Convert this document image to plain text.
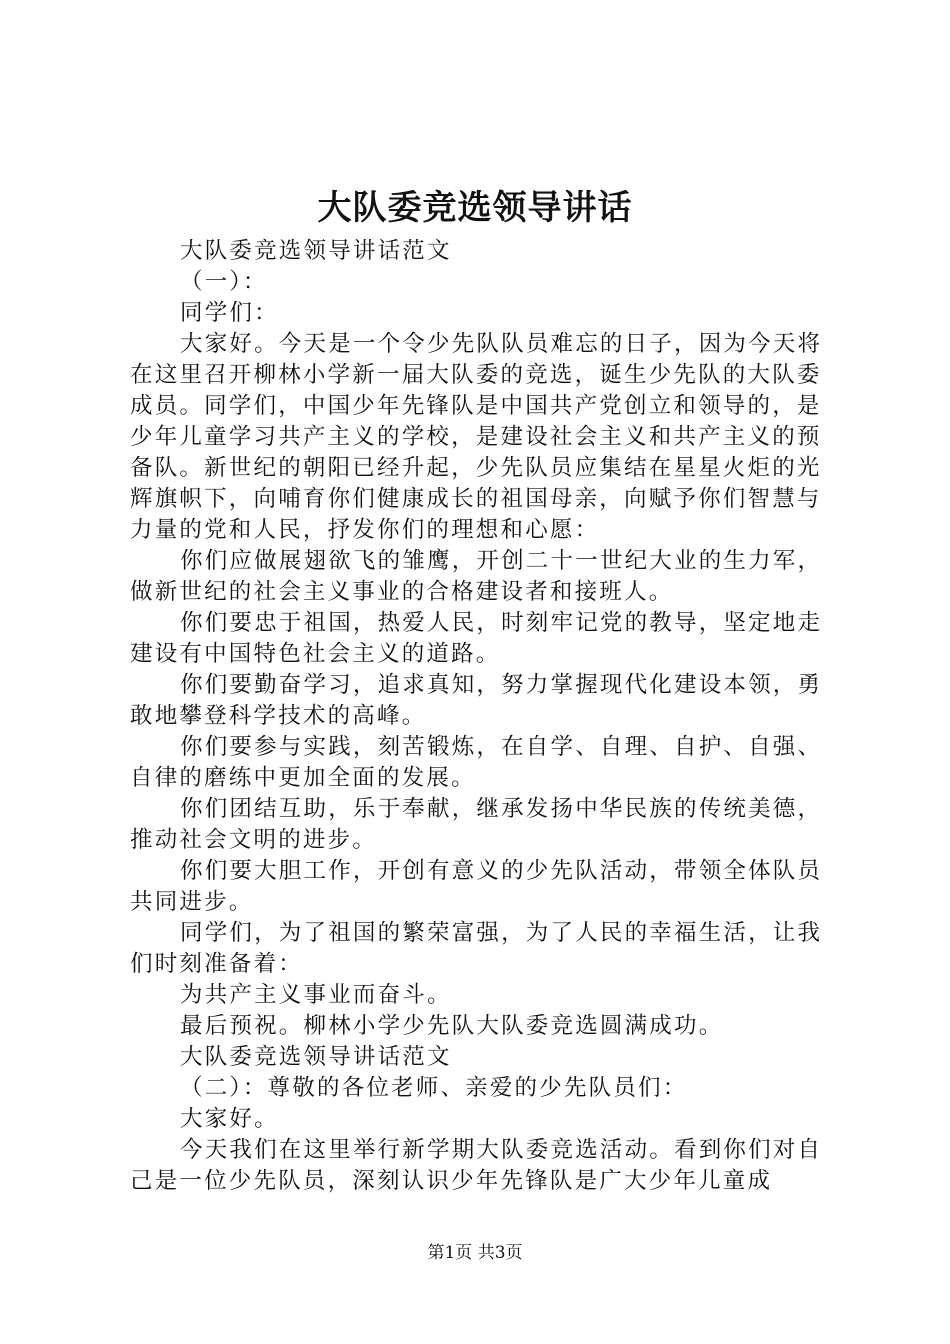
大队委竞选领导讲话

大队委竞选领导讲话范文

（一）：

同学们：

大家好。今天是一个令少先队队员难忘的日子，因为今天将在这里召开柳林小学新一届大队委的竞选，诞生少先队的大队委成员。同学们，中国少年先锋队是中国共产党创立和领导的，是少年儿童学习共产主义的学校，是建设社会主义和共产主义的预备队。新世纪的朝阳已经升起，少先队员应集结在星星火炬的光辉旗帜下，向哺育你们健康成长的祖国母亲，向赋予你们智慧与力量的党和人民，抒发你们的理想和心愿：

你们应做展翅欲飞的雏鹰，开创二十一世纪大业的生力军，做新世纪的社会主义事业的合格建设者和接班人。

你们要忠于祖国，热爱人民，时刻牢记党的教导，坚定地走建设有中国特色社会主义的道路。

你们要勤奋学习，追求真知，努力掌握现代化建设本领，勇敢地攀登科学技术的高峰。

你们要参与实践，刻苦锻炼，在自学、自理、自护、自强、自律的磨练中更加全面的发展。

你们团结互助，乐于奉献，继承发扬中华民族的传统美德，推动社会文明的进步。

你们要大胆工作，开创有意义的少先队活动，带领全体队员共同进步。

同学们，为了祖国的繁荣富强，为了人民的幸福生活，让我们时刻准备着：

为共产主义事业而奋斗。

最后预祝。柳林小学少先队大队委竞选圆满成功。

大队委竞选领导讲话范文

（二）：尊敬的各位老师、亲爱的少先队员们：

大家好。

今天我们在这里举行新学期大队委竞选活动。看到你们对自己是一位少先队员，深刻认识少年先锋队是广大少年儿童成

第1页 共3页
